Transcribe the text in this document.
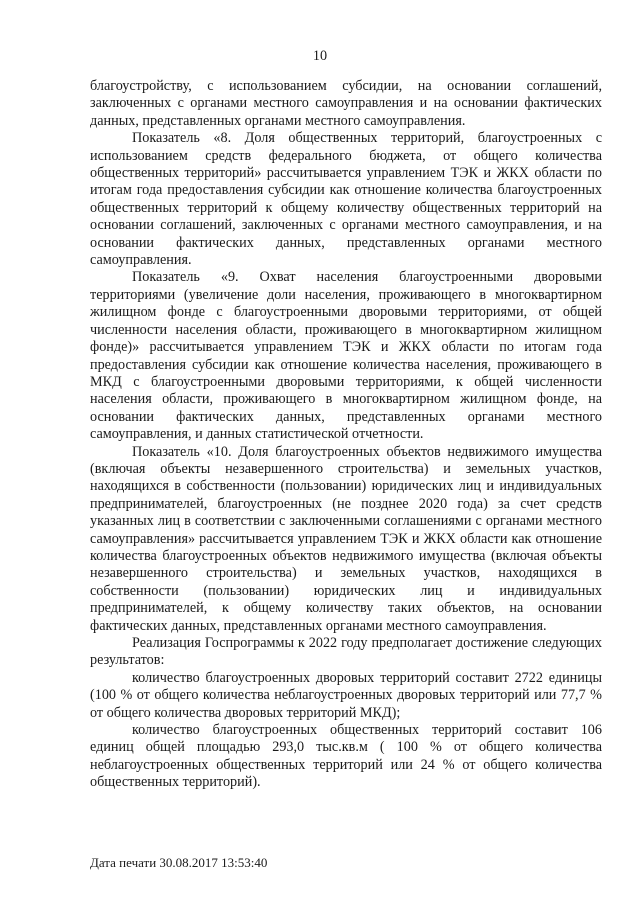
10

благоустройству, с использованием субсидии, на основании соглашений, заключенных с органами местного самоуправления и на основании фактических данных, представленных органами местного самоуправления.

Показатель «8. Доля общественных территорий, благоустроенных с использованием средств федерального бюджета, от общего количества общественных территорий» рассчитывается управлением ТЭК и ЖКХ области по итогам года предоставления субсидии как отношение количества благоустроенных общественных территорий к общему количеству общественных территорий на основании соглашений, заключенных с органами местного самоуправления, и на основании фактических данных, представленных органами местного самоуправления.

Показатель «9. Охват населения благоустроенными дворовыми территориями (увеличение доли населения, проживающего в многоквартирном жилищном фонде с благоустроенными дворовыми территориями, от общей численности населения области, проживающего в многоквартирном жилищном фонде)» рассчитывается управлением ТЭК и ЖКХ области по итогам года предоставления субсидии как отношение количества населения, проживающего в МКД с благоустроенными дворовыми территориями, к общей численности населения области, проживающего в многоквартирном жилищном фонде, на основании фактических данных, представленных органами местного самоуправления, и данных статистической отчетности.

Показатель «10. Доля благоустроенных объектов недвижимого имущества (включая объекты незавершенного строительства) и земельных участков, находящихся в собственности (пользовании) юридических лиц и индивидуальных предпринимателей, благоустроенных (не позднее 2020 года) за счет средств указанных лиц в соответствии с заключенными соглашениями с органами местного самоуправления» рассчитывается управлением ТЭК и ЖКХ области как отношение количества благоустроенных объектов недвижимого имущества (включая объекты незавершенного строительства) и земельных участков, находящихся в собственности (пользовании) юридических лиц и индивидуальных предпринимателей, к общему количеству таких объектов, на основании фактических данных, представленных органами местного самоуправления.

Реализация Госпрограммы к 2022 году предполагает достижение следующих результатов:

количество благоустроенных дворовых территорий составит 2722 единицы (100 % от общего количества неблагоустроенных дворовых территорий или 77,7 % от общего количества дворовых территорий МКД);

количество благоустроенных общественных территорий составит 106 единиц общей площадью 293,0 тыс.кв.м ( 100 % от общего количества неблагоустроенных общественных территорий или 24 % от общего количества общественных территорий).

Дата печати 30.08.2017 13:53:40
